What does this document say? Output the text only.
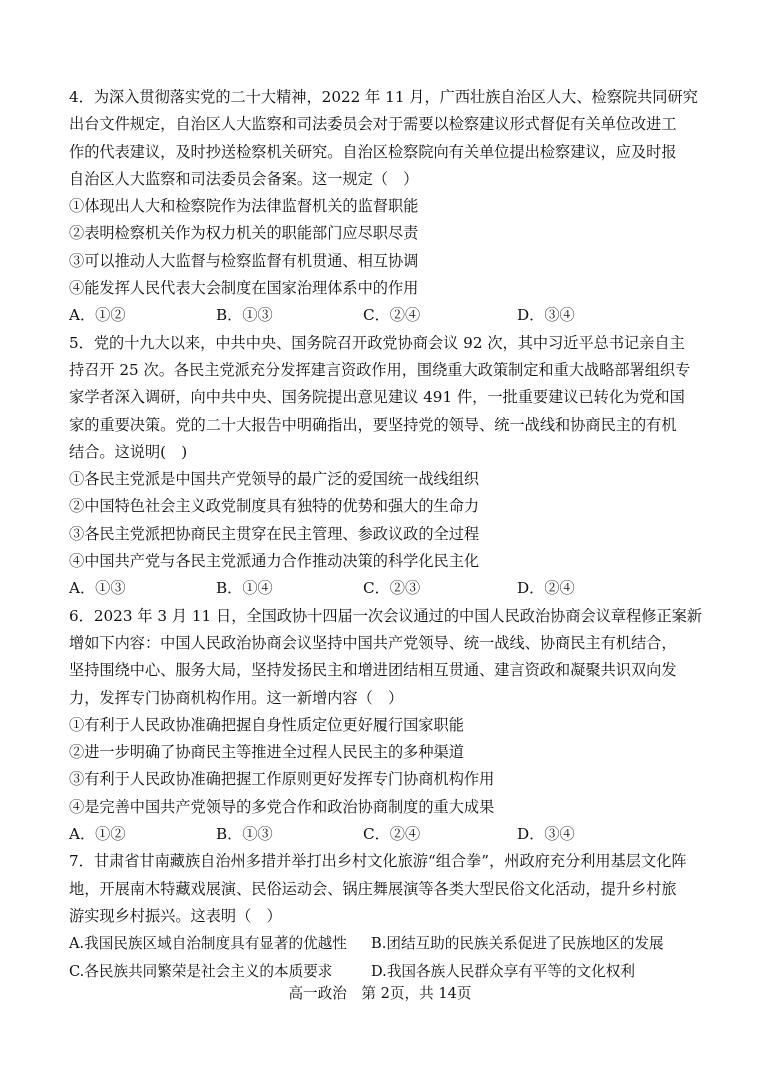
4．为深入贯彻落实党的二十大精神，2022 年 11 月，广西壮族自治区人大、检察院共同研究
出台文件规定，自治区人大监察和司法委员会对于需要以检察建议形式督促有关单位改进工
作的代表建议，及时抄送检察机关研究。自治区检察院向有关单位提出检察建议，应及时报
自治区人大监察和司法委员会备案。这一规定（　）
①体现出人大和检察院作为法律监督机关的监督职能
②表明检察机关作为权力机关的职能部门应尽职尽责
③可以推动人大监督与检察监督有机贯通、相互协调
④能发挥人民代表大会制度在国家治理体系中的作用
A．①②	B．①③	C．②④	D．③④
5．党的十九大以来，中共中央、国务院召开政党协商会议 92 次，其中习近平总书记亲自主
持召开 25 次。各民主党派充分发挥建言资政作用，围绕重大政策制定和重大战略部署组织专
家学者深入调研，向中共中央、国务院提出意见建议 491 件，一批重要建议已转化为党和国
家的重要决策。党的二十大报告中明确指出，要坚持党的领导、统一战线和协商民主的有机
结合。这说明(　)
①各民主党派是中国共产党领导的最广泛的爱国统一战线组织
②中国特色社会主义政党制度具有独特的优势和强大的生命力
③各民主党派把协商民主贯穿在民主管理、参政议政的全过程
④中国共产党与各民主党派通力合作推动决策的科学化民主化
A．①③	B．①④	C．②③	D．②④
6．2023 年 3 月 11 日，全国政协十四届一次会议通过的中国人民政治协商会议章程修正案新
增如下内容：中国人民政治协商会议坚持中国共产党领导、统一战线、协商民主有机结合，
坚持围绕中心、服务大局，坚持发扬民主和增进团结相互贯通、建言资政和凝聚共识双向发
力，发挥专门协商机构作用。这一新增内容（　）
①有利于人民政协准确把握自身性质定位更好履行国家职能
②进一步明确了协商民主等推进全过程人民民主的多种渠道
③有利于人民政协准确把握工作原则更好发挥专门协商机构作用
④是完善中国共产党领导的多党合作和政治协商制度的重大成果
A．①②	B．①③	C．②④	D．③④
7．甘肃省甘南藏族自治州多措并举打出乡村文化旅游“组合拳”，州政府充分利用基层文化阵
地，开展南木特藏戏展演、民俗运动会、锅庄舞展演等各类大型民俗文化活动，提升乡村旅
游实现乡村振兴。这表明（　）
A.我国民族区域自治制度具有显著的优越性	B.团结互助的民族关系促进了民族地区的发展
C.各民族共同繁荣是社会主义的本质要求	D.我国各族人民群众享有平等的文化权利
高一政治　第 2页，共 14页
